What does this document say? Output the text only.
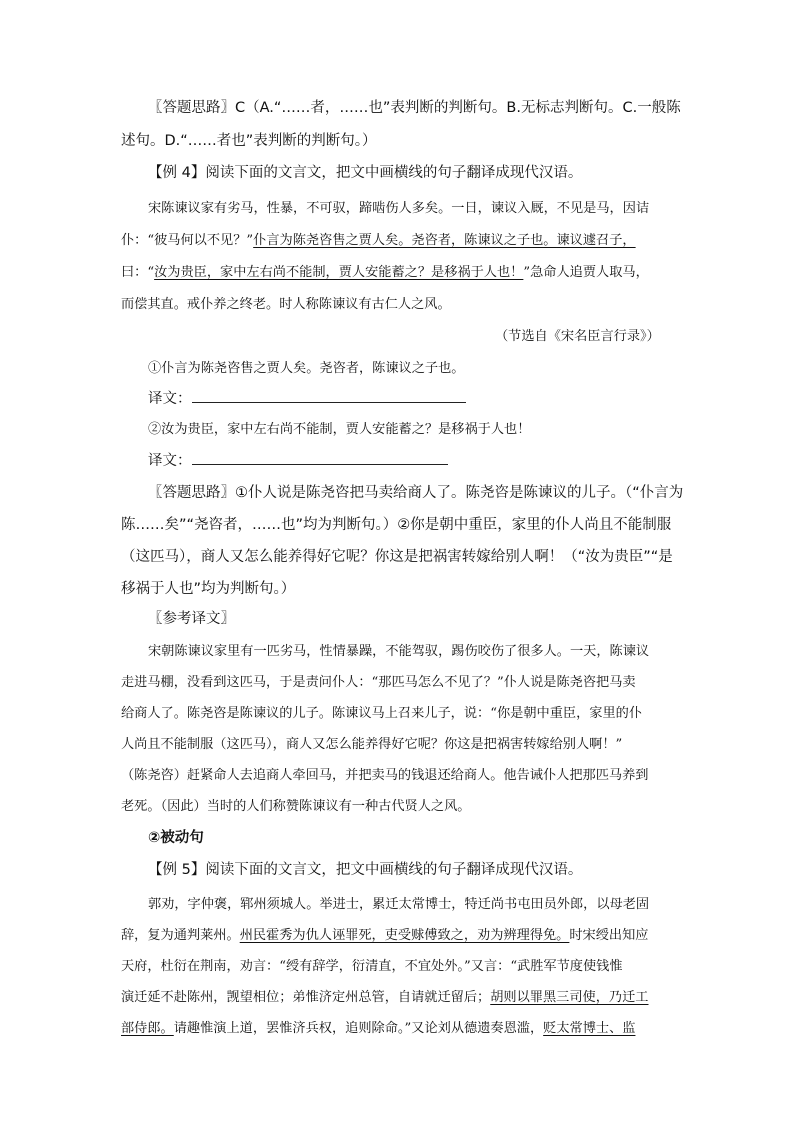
〖答题思路〗C（A.“……者，……也”表判断的判断句。B.无标志判断句。C.一般陈
述句。D.“……者也”表判断的判断句。）
【例 4】阅读下面的文言文，把文中画横线的句子翻译成现代汉语。
宋陈谏议家有劣马，性暴，不可驭，蹄啮伤人多矣。一日，谏议入厩，不见是马，因诘
仆：“彼马何以不见？”仆言为陈尧咨售之贾人矣。尧咨者，陈谏议之子也。谏议遽召子，
曰：“汝为贵臣，家中左右尚不能制，贾人安能蓄之？是移祸于人也！”急命人追贾人取马，
而偿其直。戒仆养之终老。时人称陈谏议有古仁人之风。
（节选自《宋名臣言行录》）
①仆言为陈尧咨售之贾人矣。尧咨者，陈谏议之子也。
译文：
②汝为贵臣，家中左右尚不能制，贾人安能蓄之？是移祸于人也！
译文：
〖答题思路〗①仆人说是陈尧咨把马卖给商人了。陈尧咨是陈谏议的儿子。（“仆言为
陈……矣”“尧咨者，……也”均为判断句。）②你是朝中重臣，家里的仆人尚且不能制服
（这匹马），商人又怎么能养得好它呢？你这是把祸害转嫁给别人啊！（“汝为贵臣”“是
移祸于人也”均为判断句。）
〖参考译文〗
宋朝陈谏议家里有一匹劣马，性情暴躁，不能驾驭，踢伤咬伤了很多人。一天，陈谏议
走进马棚，没看到这匹马，于是责问仆人：“那匹马怎么不见了？”仆人说是陈尧咨把马卖
给商人了。陈尧咨是陈谏议的儿子。陈谏议马上召来儿子，说：“你是朝中重臣，家里的仆
人尚且不能制服（这匹马），商人又怎么能养得好它呢？你这是把祸害转嫁给别人啊！”
（陈尧咨）赶紧命人去追商人牵回马，并把卖马的钱退还给商人。他告诫仆人把那匹马养到
老死。（因此）当时的人们称赞陈谏议有一种古代贤人之风。
②被动句
【例 5】阅读下面的文言文，把文中画横线的句子翻译成现代汉语。
郭劝，字仲褒，郓州须城人。举进士，累迁太常博士，特迁尚书屯田员外郎，以母老固
辞，复为通判莱州。州民霍秀为仇人诬罪死，吏受赇傅致之，劝为辨理得免。时宋绶出知应
天府，杜衍在荆南，劝言：“绶有辞学，衍清直，不宜处外。”又言：“武胜军节度使钱惟
演迁延不赴陈州，觊望相位；弟惟济定州总管，自请就迁留后；胡则以罪黑三司使，乃迁工
部侍郎。请趣惟演上道，罢惟济兵权，追则除命。”又论刘从德遗奏恩滥，贬太常博士、监
